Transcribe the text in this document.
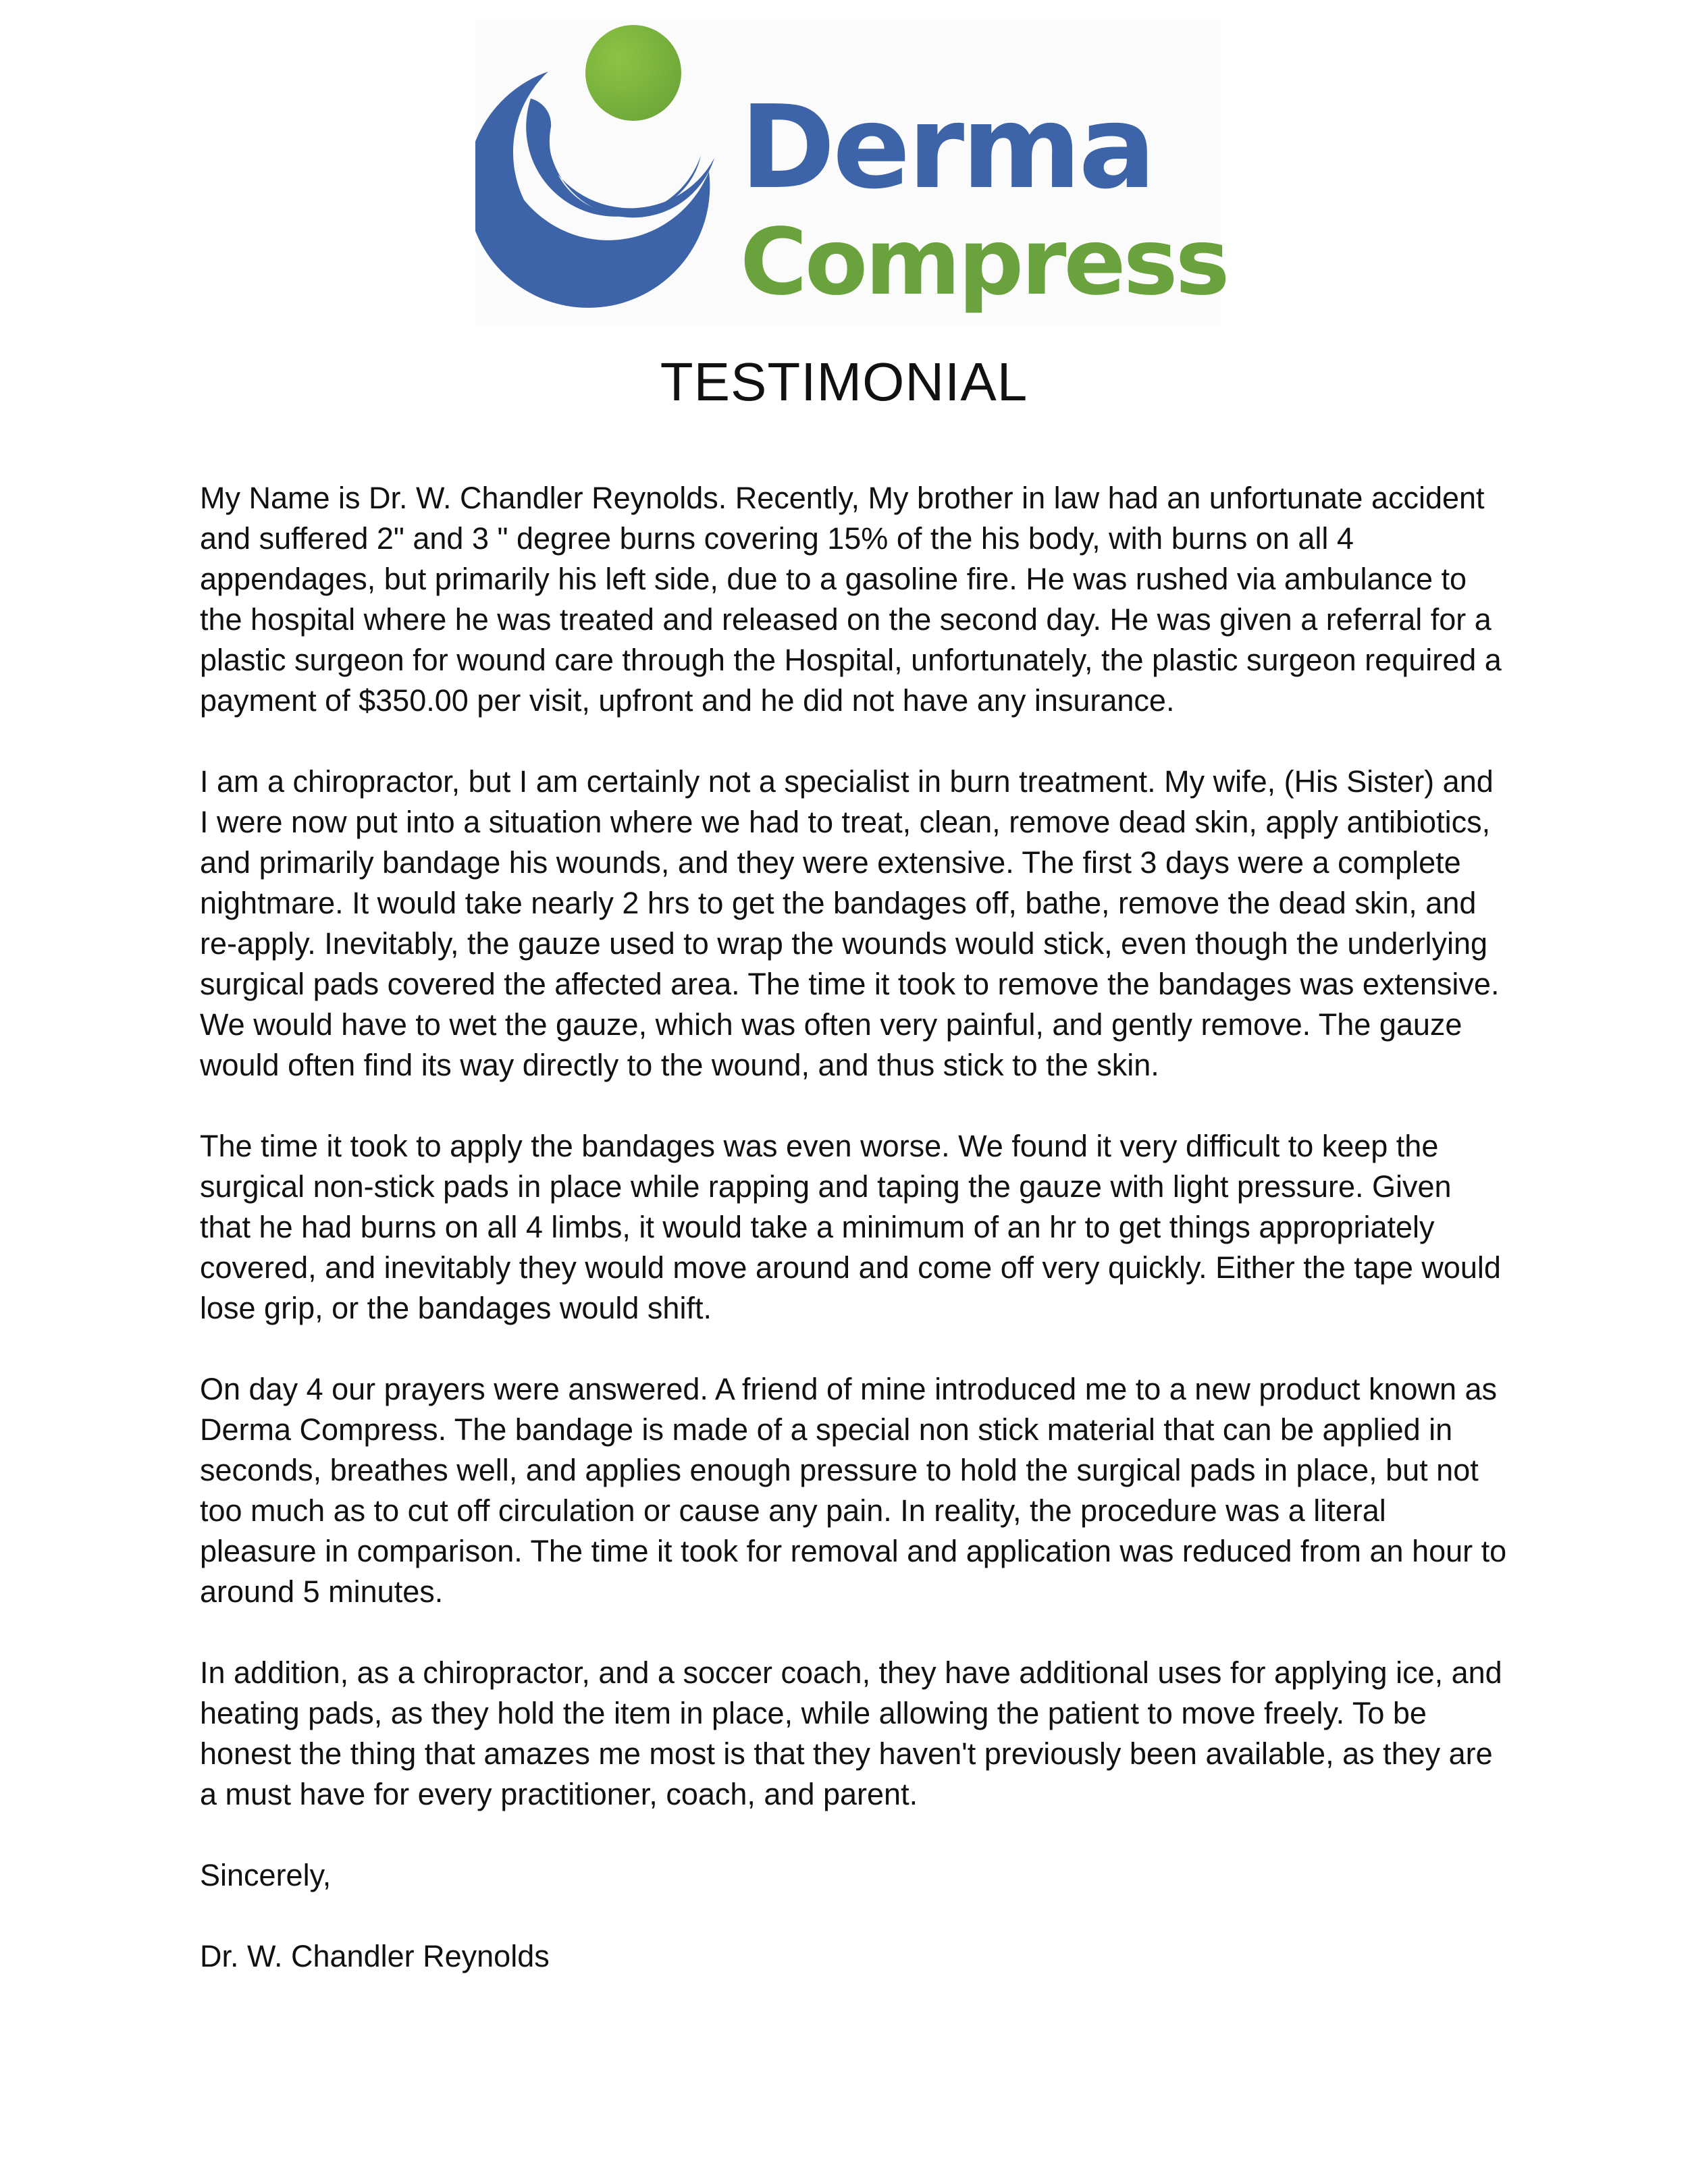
Derma
Compress
TESTIMONIAL

My Name is Dr. W. Chandler Reynolds. Recently, My brother in law had an unfortunate accident and suffered 2" and 3 " degree burns covering 15% of the his body, with burns on all 4 appendages, but primarily his left side, due to a gasoline fire. He was rushed via ambulance to the hospital where he was treated and released on the second day. He was given a referral for a plastic surgeon for wound care through the Hospital, unfortunately, the plastic surgeon required a payment of $350.00 per visit, upfront and he did not have any insurance.

I am a chiropractor, but I am certainly not a specialist in burn treatment. My wife, (His Sister) and I were now put into a situation where we had to treat, clean, remove dead skin, apply antibiotics, and primarily bandage his wounds, and they were extensive. The first 3 days were a complete nightmare. It would take nearly 2 hrs to get the bandages off, bathe, remove the dead skin, and re-apply. Inevitably, the gauze used to wrap the wounds would stick, even though the underlying surgical pads covered the affected area. The time it took to remove the bandages was extensive. We would have to wet the gauze, which was often very painful, and gently remove. The gauze would often find its way directly to the wound, and thus stick to the skin.

The time it took to apply the bandages was even worse. We found it very difficult to keep the surgical non-stick pads in place while rapping and taping the gauze with light pressure. Given that he had burns on all 4 limbs, it would take a minimum of an hr to get things appropriately covered, and inevitably they would move around and come off very quickly. Either the tape would lose grip, or the bandages would shift.

On day 4 our prayers were answered. A friend of mine introduced me to a new product known as Derma Compress. The bandage is made of a special non stick material that can be applied in seconds, breathes well, and applies enough pressure to hold the surgical pads in place, but not too much as to cut off circulation or cause any pain. In reality, the procedure was a literal pleasure in comparison. The time it took for removal and application was reduced from an hour to around 5 minutes.

In addition, as a chiropractor, and a soccer coach, they have additional uses for applying ice, and heating pads, as they hold the item in place, while allowing the patient to move freely. To be honest the thing that amazes me most is that they haven't previously been available, as they are a must have for every practitioner, coach, and parent.

Sincerely,

Dr. W. Chandler Reynolds
